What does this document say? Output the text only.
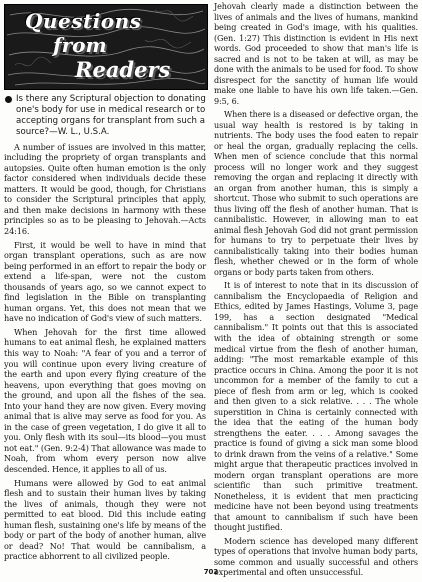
Questions
from
Readers
Is there any Scriptural objection to donating one's body for use in medical research or to accepting organs for transplant from such a source?—W. L., U.S.A.

A number of issues are involved in this matter, including the propriety of organ transplants and autopsies. Quite often human emotion is the only factor considered when individuals decide these matters. It would be good, though, for Christians to consider the Scriptural principles that apply, and then make decisions in harmony with these principles so as to be pleasing to Jehovah.—Acts 24:16.

First, it would be well to have in mind that organ transplant operations, such as are now being performed in an effort to repair the body or extend a life-span, were not the custom thousands of years ago, so we cannot expect to find legislation in the Bible on transplanting human organs. Yet, this does not mean that we have no indication of God's view of such matters.

When Jehovah for the first time allowed humans to eat animal flesh, he explained matters this way to Noah: "A fear of you and a terror of you will continue upon every living creature of the earth and upon every flying creature of the heavens, upon everything that goes moving on the ground, and upon all the fishes of the sea. Into your hand they are now given. Every moving animal that is alive may serve as food for you. As in the case of green vegetation, I do give it all to you. Only flesh with its soul—its blood—you must not eat." (Gen. 9:2-4) That allowance was made to Noah, from whom every person now alive descended. Hence, it applies to all of us.

Humans were allowed by God to eat animal flesh and to sustain their human lives by taking the lives of animals, though they were not permitted to eat blood. Did this include eating human flesh, sustaining one's life by means of the body or part of the body of another human, alive or dead? No! That would be cannibalism, a practice abhorrent to all civilized people.

Jehovah clearly made a distinction between the lives of animals and the lives of humans, mankind being created in God's image, with his qualities. (Gen. 1:27) This distinction is evident in His next words. God proceeded to show that man's life is sacred and is not to be taken at will, as may be done with the animals to be used for food. To show disrespect for the sanctity of human life would make one liable to have his own life taken.—Gen. 9:5, 6.

When there is a diseased or defective organ, the usual way health is restored is by taking in nutrients. The body uses the food eaten to repair or heal the organ, gradually replacing the cells. When men of science conclude that this normal process will no longer work and they suggest removing the organ and replacing it directly with an organ from another human, this is simply a shortcut. Those who submit to such operations are thus living off the flesh of another human. That is cannibalistic. However, in allowing man to eat animal flesh Jehovah God did not grant permission for humans to try to perpetuate their lives by cannibalistically taking into their bodies human flesh, whether chewed or in the form of whole organs or body parts taken from others.

It is of interest to note that in its discussion of cannibalism the Encyclopaedia of Religion and Ethics, edited by James Hastings, Volume 3, page 199, has a section designated "Medical cannibalism." It points out that this is associated with the idea of obtaining strength or some medical virtue from the flesh of another human, adding: "The most remarkable example of this practice occurs in China. Among the poor it is not uncommon for a member of the family to cut a piece of flesh from arm or leg, which is cooked and then given to a sick relative. . . . The whole superstition in China is certainly connected with the idea that the eating of the human body strengthens the eater. . . . Among savages the practice is found of giving a sick man some blood to drink drawn from the veins of a relative." Some might argue that therapeutic practices involved in modern organ transplant operations are more scientific than such primitive treatment. Nonetheless, it is evident that men practicing medicine have not been beyond using treatments that amount to cannibalism if such have been thought justified.

Modern science has developed many different types of operations that involve human body parts, some common and usually successful and others experimental and often unsuccessful.

702
